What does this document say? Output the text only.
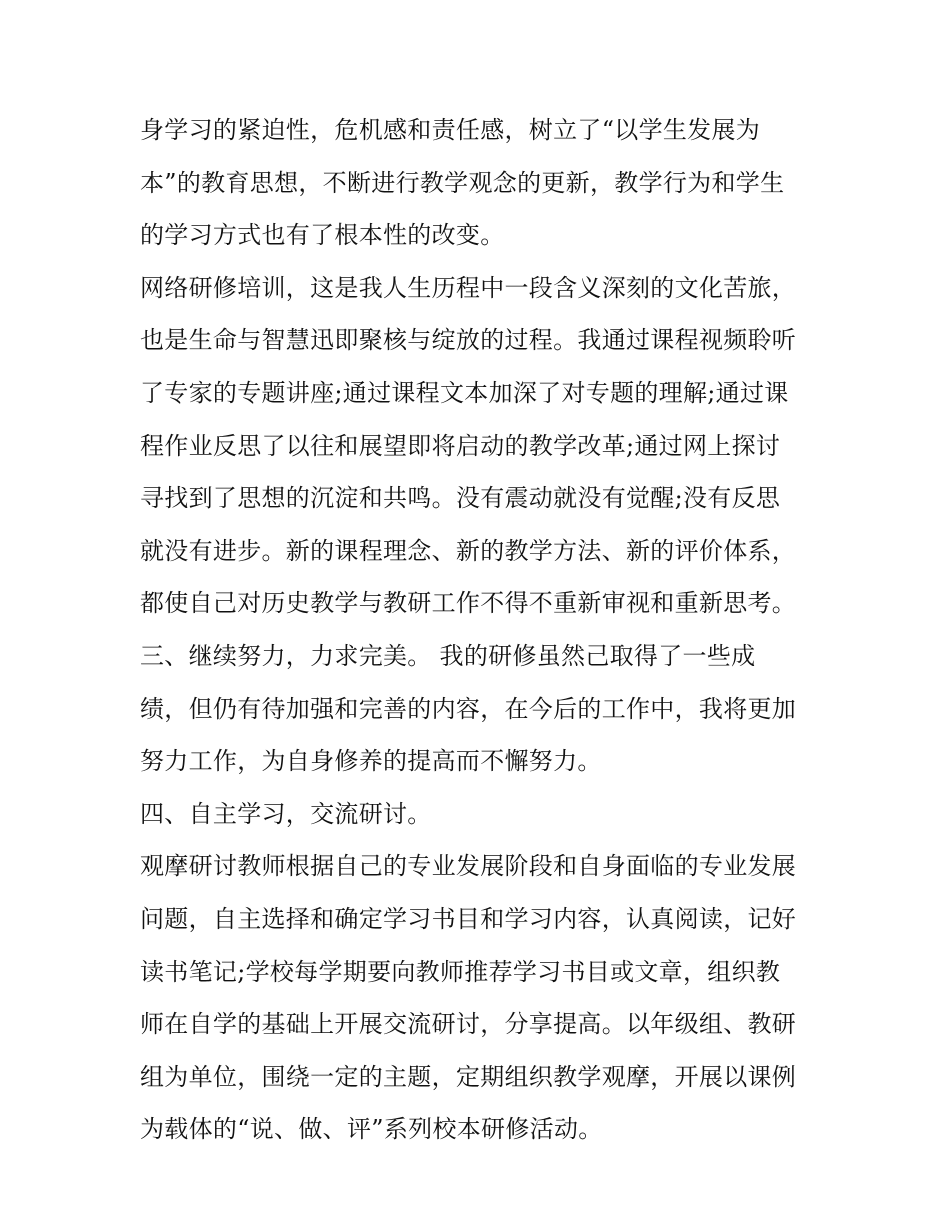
身学习的紧迫性，危机感和责任感，树立了“以学生发展为
本”的教育思想，不断进行教学观念的更新，教学行为和学生
的学习方式也有了根本性的改变。
网络研修培训，这是我人生历程中一段含义深刻的文化苦旅，
也是生命与智慧迅即聚核与绽放的过程。我通过课程视频聆听
了专家的专题讲座;通过课程文本加深了对专题的理解;通过课
程作业反思了以往和展望即将启动的教学改革;通过网上探讨
寻找到了思想的沉淀和共鸣。没有震动就没有觉醒;没有反思
就没有进步。新的课程理念、新的教学方法、新的评价体系，
都使自己对历史教学与教研工作不得不重新审视和重新思考。
三、继续努力，力求完美。 我的研修虽然己取得了一些成
绩，但仍有待加强和完善的内容，在今后的工作中，我将更加
努力工作，为自身修养的提高而不懈努力。
四、自主学习，交流研讨。
观摩研讨教师根据自己的专业发展阶段和自身面临的专业发展
问题，自主选择和确定学习书目和学习内容，认真阅读，记好
读书笔记;学校每学期要向教师推荐学习书目或文章，组织教
师在自学的基础上开展交流研讨，分享提高。以年级组、教研
组为单位，围绕一定的主题，定期组织教学观摩，开展以课例
为载体的“说、做、评”系列校本研修活动。
